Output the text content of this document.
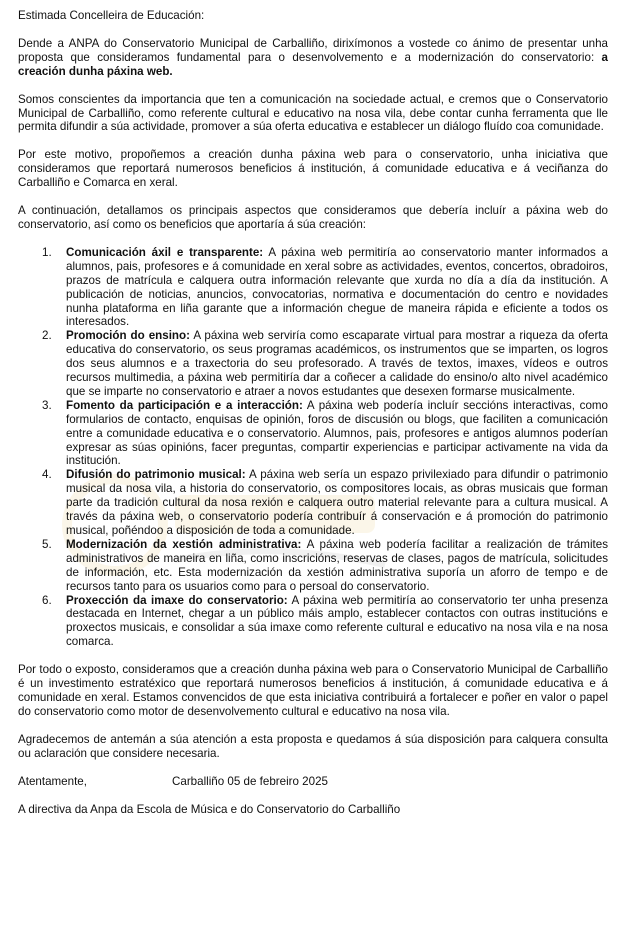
Estimada Concelleira de Educación:

Dende a ANPA do Conservatorio Municipal de Carballiño, dirixímonos a vostede co ánimo de presentar unha proposta que consideramos fundamental para o desenvolvemento e a modernización do conservatorio: a creación dunha páxina web.

Somos conscientes da importancia que ten a comunicación na sociedade actual, e cremos que o Conservatorio Municipal de Carballiño, como referente cultural e educativo na nosa vila, debe contar cunha ferramenta que lle permita difundir a súa actividade, promover a súa oferta educativa e establecer un diálogo fluído coa comunidade.

Por este motivo, propoñemos a creación dunha páxina web para o conservatorio, unha iniciativa que consideramos que reportará numerosos beneficios á institución, á comunidade educativa e á veciñanza do Carballiño e Comarca en xeral.

A continuación, detallamos os principais aspectos que consideramos que debería incluír a páxina web do conservatorio, así como os beneficios que aportaría á súa creación:

1. Comunicación áxil e transparente: A páxina web permitiría ao conservatorio manter informados a alumnos, pais, profesores e á comunidade en xeral sobre as actividades, eventos, concertos, obradoiros, prazos de matrícula e calquera outra información relevante que xurda no día a día da institución. A publicación de noticias, anuncios, convocatorias, normativa e documentación do centro e novidades nunha plataforma en liña garante que a información chegue de maneira rápida e eficiente a todos os interesados.
2. Promoción do ensino: A páxina web serviría como escaparate virtual para mostrar a riqueza da oferta educativa do conservatorio, os seus programas académicos, os instrumentos que se imparten, os logros dos seus alumnos e a traxectoria do seu profesorado. A través de textos, imaxes, vídeos e outros recursos multimedia, a páxina web permitiría dar a coñecer a calidade do ensino/o alto nivel académico que se imparte no conservatorio e atraer a novos estudantes que desexen formarse musicalmente.
3. Fomento da participación e a interacción: A páxina web podería incluír seccións interactivas, como formularios de contacto, enquisas de opinión, foros de discusión ou blogs, que faciliten a comunicación entre a comunidade educativa e o conservatorio. Alumnos, pais, profesores e antigos alumnos poderían expresar as súas opinións, facer preguntas, compartir experiencias e participar activamente na vida da institución.
4. Difusión do patrimonio musical: A páxina web sería un espazo privilexiado para difundir o patrimonio musical da nosa vila, a historia do conservatorio, os compositores locais, as obras musicais que forman parte da tradición cultural da nosa rexión e calquera outro material relevante para a cultura musical. A través da páxina web, o conservatorio podería contribuír á conservación e á promoción do patrimonio musical, poñéndoo a disposición de toda a comunidade.
5. Modernización da xestión administrativa: A páxina web podería facilitar a realización de trámites administrativos de maneira en liña, como inscricións, reservas de clases, pagos de matrícula, solicitudes de información, etc. Esta modernización da xestión administrativa suporía un aforro de tempo e de recursos tanto para os usuarios como para o persoal do conservatorio.
6. Proxección da imaxe do conservatorio: A páxina web permitiría ao conservatorio ter unha presenza destacada en Internet, chegar a un público máis amplo, establecer contactos con outras institucións e proxectos musicais, e consolidar a súa imaxe como referente cultural e educativo na nosa vila e na nosa comarca.

Por todo o exposto, consideramos que a creación dunha páxina web para o Conservatorio Municipal de Carballiño é un investimento estratéxico que reportará numerosos beneficios á institución, á comunidade educativa e á comunidade en xeral. Estamos convencidos de que esta iniciativa contribuirá a fortalecer e poñer en valor o papel do conservatorio como motor de desenvolvemento cultural e educativo na nosa vila.

Agradecemos de antemán a súa atención a esta proposta e quedamos á súa disposición para calquera consulta ou aclaración que considere necesaria.

Atentamente,	Carballiño 05 de febreiro 2025

A directiva da Anpa da Escola de Música e do Conservatorio do Carballiño
